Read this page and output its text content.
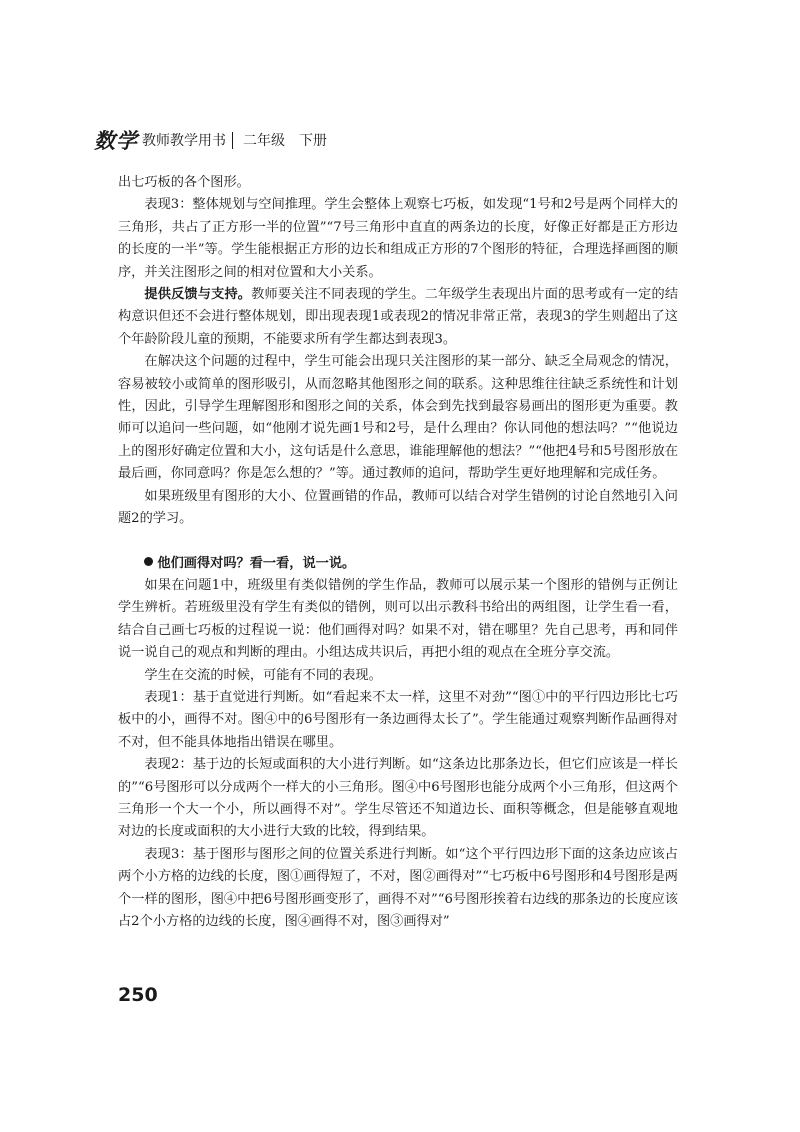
数学 教师教学用书 二年级　下册

出七巧板的各个图形。

表现3：整体规划与空间推理。学生会整体上观察七巧板，如发现“1号和2号是两个同样大的三角形，共占了正方形一半的位置”“7号三角形中直直的两条边的长度，好像正好都是正方形边的长度的一半”等。学生能根据正方形的边长和组成正方形的7个图形的特征，合理选择画图的顺序，并关注图形之间的相对位置和大小关系。

提供反馈与支持。教师要关注不同表现的学生。二年级学生表现出片面的思考或有一定的结构意识但还不会进行整体规划，即出现表现1或表现2的情况非常正常，表现3的学生则超出了这个年龄阶段儿童的预期，不能要求所有学生都达到表现3。

在解决这个问题的过程中，学生可能会出现只关注图形的某一部分、缺乏全局观念的情况，容易被较小或简单的图形吸引，从而忽略其他图形之间的联系。这种思维往往缺乏系统性和计划性，因此，引导学生理解图形和图形之间的关系，体会到先找到最容易画出的图形更为重要。教师可以追问一些问题，如“他刚才说先画1号和2号，是什么理由？你认同他的想法吗？”“他说边上的图形好确定位置和大小，这句话是什么意思，谁能理解他的想法？”“他把4号和5号图形放在最后画，你同意吗？你是怎么想的？”等。通过教师的追问，帮助学生更好地理解和完成任务。

如果班级里有图形的大小、位置画错的作品，教师可以结合对学生错例的讨论自然地引入问题2的学习。

他们画得对吗？看一看，说一说。

如果在问题1中，班级里有类似错例的学生作品，教师可以展示某一个图形的错例与正例让学生辨析。若班级里没有学生有类似的错例，则可以出示教科书给出的两组图，让学生看一看，结合自己画七巧板的过程说一说：他们画得对吗？如果不对，错在哪里？先自己思考，再和同伴说一说自己的观点和判断的理由。小组达成共识后，再把小组的观点在全班分享交流。

学生在交流的时候，可能有不同的表现。

表现1：基于直觉进行判断。如“看起来不太一样，这里不对劲”“图①中的平行四边形比七巧板中的小，画得不对。图④中的6号图形有一条边画得太长了”。学生能通过观察判断作品画得对不对，但不能具体地指出错误在哪里。

表现2：基于边的长短或面积的大小进行判断。如“这条边比那条边长，但它们应该是一样长的”“6号图形可以分成两个一样大的小三角形。图④中6号图形也能分成两个小三角形，但这两个三角形一个大一个小，所以画得不对”。学生尽管还不知道边长、面积等概念，但是能够直观地对边的长度或面积的大小进行大致的比较，得到结果。

表现3：基于图形与图形之间的位置关系进行判断。如“这个平行四边形下面的这条边应该占两个小方格的边线的长度，图①画得短了，不对，图②画得对”“七巧板中6号图形和4号图形是两个一样的图形，图④中把6号图形画变形了，画得不对”“6号图形挨着右边线的那条边的长度应该占2个小方格的边线的长度，图④画得不对，图③画得对”

250
